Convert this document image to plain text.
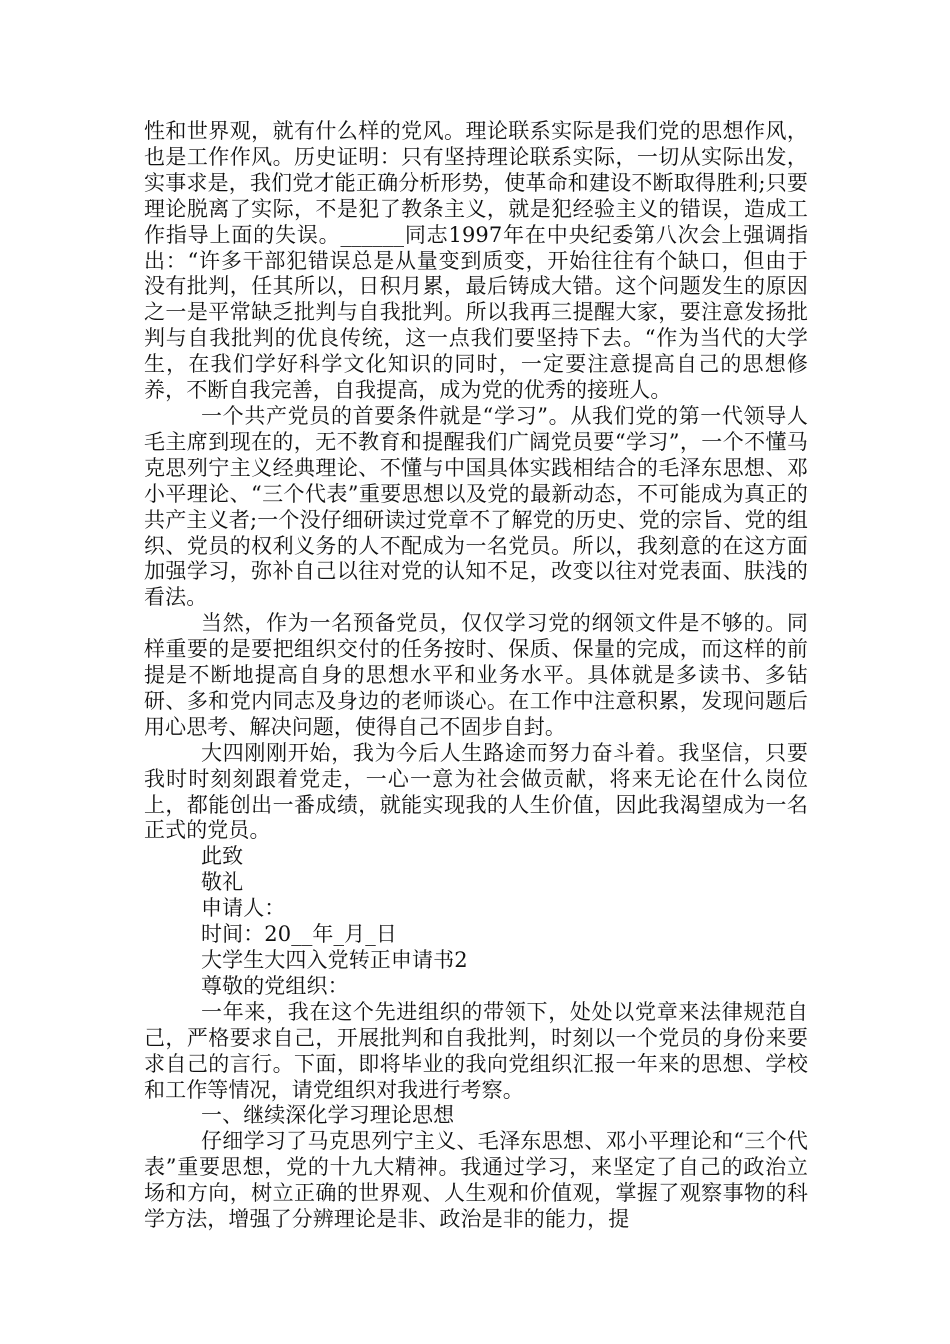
性和世界观，就有什么样的党风。理论联系实际是我们党的思想作风，也是工作作风。历史证明：只有坚持理论联系实际，一切从实际出发，实事求是，我们党才能正确分析形势，使革命和建设不断取得胜利;只要理论脱离了实际，不是犯了教条主义，就是犯经验主义的错误，造成工作指导上面的失误。______同志1997年在中央纪委第八次会上强调指出：“许多干部犯错误总是从量变到质变，开始往往有个缺口，但由于没有批判，任其所以，日积月累，最后铸成大错。这个问题发生的原因之一是平常缺乏批判与自我批判。所以我再三提醒大家，要注意发扬批判与自我批判的优良传统，这一点我们要坚持下去。“作为当代的大学生，在我们学好科学文化知识的同时，一定要注意提高自己的思想修养，不断自我完善，自我提高，成为党的优秀的接班人。

一个共产党员的首要条件就是“学习”。从我们党的第一代领导人毛主席到现在的，无不教育和提醒我们广阔党员要“学习”，一个不懂马克思列宁主义经典理论、不懂与中国具体实践相结合的毛泽东思想、邓小平理论、“三个代表”重要思想以及党的最新动态，不可能成为真正的共产主义者;一个没仔细研读过党章不了解党的历史、党的宗旨、党的组织、党员的权利义务的人不配成为一名党员。所以，我刻意的在这方面加强学习，弥补自己以往对党的认知不足，改变以往对党表面、肤浅的看法。

当然，作为一名预备党员，仅仅学习党的纲领文件是不够的。同样重要的是要把组织交付的任务按时、保质、保量的完成，而这样的前提是不断地提高自身的思想水平和业务水平。具体就是多读书、多钻研、多和党内同志及身边的老师谈心。在工作中注意积累，发现问题后用心思考、解决问题，使得自己不固步自封。

大四刚刚开始，我为今后人生路途而努力奋斗着。我坚信，只要我时时刻刻跟着党走，一心一意为社会做贡献，将来无论在什么岗位上，都能创出一番成绩，就能实现我的人生价值，因此我渴望成为一名正式的党员。

此致

敬礼

申请人：

时间：20__年_月_日

大学生大四入党转正申请书2

尊敬的党组织：

一年来，我在这个先进组织的带领下，处处以党章来法律规范自己，严格要求自己，开展批判和自我批判，时刻以一个党员的身份来要求自己的言行。下面，即将毕业的我向党组织汇报一年来的思想、学校和工作等情况，请党组织对我进行考察。

一、继续深化学习理论思想

仔细学习了马克思列宁主义、毛泽东思想、邓小平理论和“三个代表”重要思想，党的十九大精神。我通过学习，来坚定了自己的政治立场和方向，树立正确的世界观、人生观和价值观，掌握了观察事物的科学方法，增强了分辨理论是非、政治是非的能力，提
